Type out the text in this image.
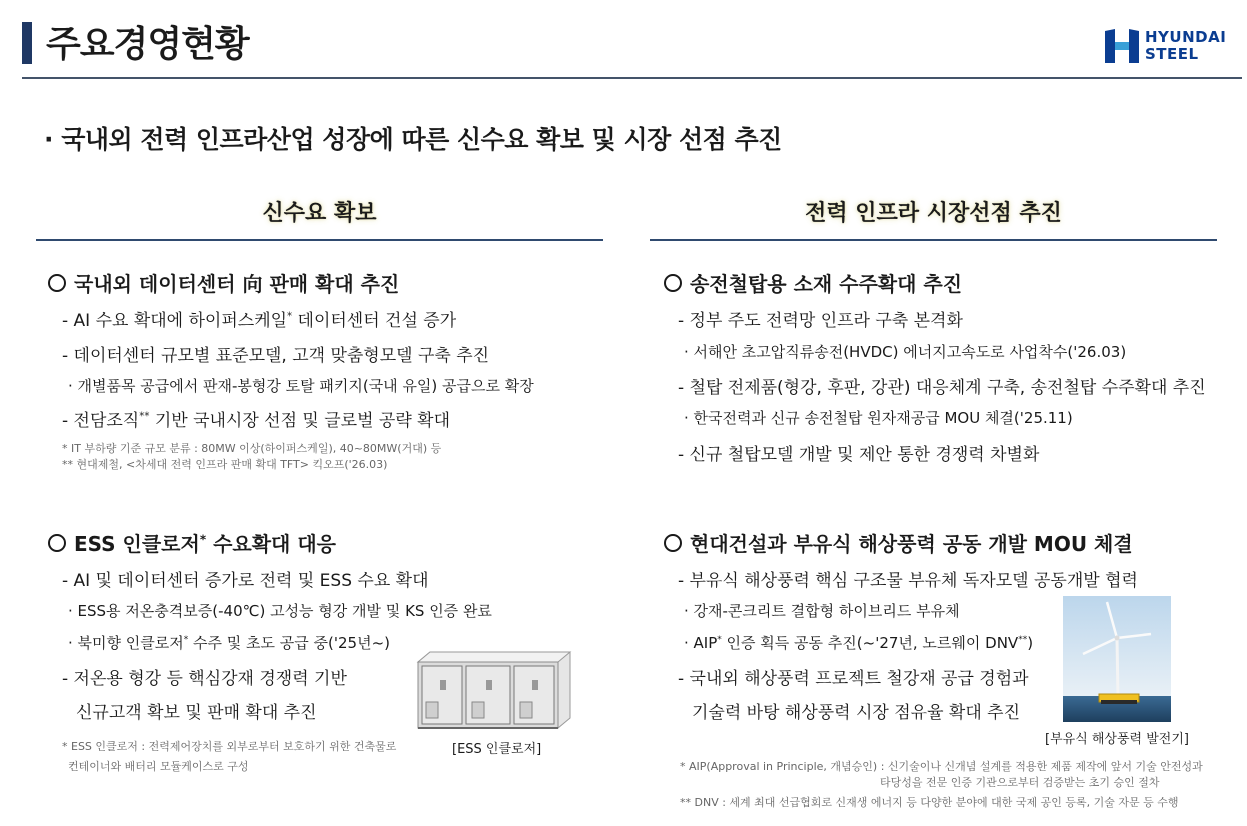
주요경영현황	HYUNDAI
STEEL
· 국내외 전력 인프라산업 성장에 따른 신수요 확보 및 시장 선점 추진
신수요 확보	전력 인프라 시장선점 추진
국내외 데이터센터 向 판매 확대 추진
- AI 수요 확대에 하이퍼스케일* 데이터센터 건설 증가
- 데이터센터 규모별 표준모델, 고객 맞춤형모델 구축 추진
· 개별품목 공급에서 판재-봉형강 토탈 패키지(국내 유일) 공급으로 확장
- 전담조직** 기반 국내시장 선점 및 글로벌 공략 확대
* IT 부하량 기준 규모 분류 : 80MW 이상(하이퍼스케일), 40~80MW(거대) 등
** 현대제철, <차세대 전력 인프라 판매 확대 TFT> 킥오프('26.03)
ESS 인클로저* 수요확대 대응
- AI 및 데이터센터 증가로 전력 및 ESS 수요 확대
· ESS용 저온충격보증(-40℃) 고성능 형강 개발 및 KS 인증 완료
· 북미향 인클로저* 수주 및 초도 공급 중('25년~)
- 저온용 형강 등 핵심강재 경쟁력 기반
신규고객 확보 및 판매 확대 추진
[ESS 인클로저]
* ESS 인클로저 : 전력제어장치를 외부로부터 보호하기 위한 건축물로
컨테이너와 배터리 모듈케이스로 구성
송전철탑용 소재 수주확대 추진
- 정부 주도 전력망 인프라 구축 본격화
· 서해안 초고압직류송전(HVDC) 에너지고속도로 사업착수('26.03)
- 철탑 전제품(형강, 후판, 강관) 대응체계 구축, 송전철탑 수주확대 추진
· 한국전력과 신규 송전철탑 원자재공급 MOU 체결('25.11)
- 신규 철탑모델 개발 및 제안 통한 경쟁력 차별화
현대건설과 부유식 해상풍력 공동 개발 MOU 체결
- 부유식 해상풍력 핵심 구조물 부유체 독자모델 공동개발 협력
· 강재-콘크리트 결합형 하이브리드 부유체
· AIP* 인증 획득 공동 추진(~'27년, 노르웨이 DNV**)
- 국내외 해상풍력 프로젝트 철강재 공급 경험과
기술력 바탕 해상풍력 시장 점유율 확대 추진
[부유식 해상풍력 발전기]
* AIP(Approval in Principle, 개념승인) : 신기술이나 신개념 설계를 적용한 제품 제작에 앞서 기술 안전성과
타당성을 전문 인증 기관으로부터 검증받는 초기 승인 절차
** DNV : 세계 최대 선급협회로 신재생 에너지 등 다양한 분야에 대한 국제 공인 등록, 기술 자문 등 수행
